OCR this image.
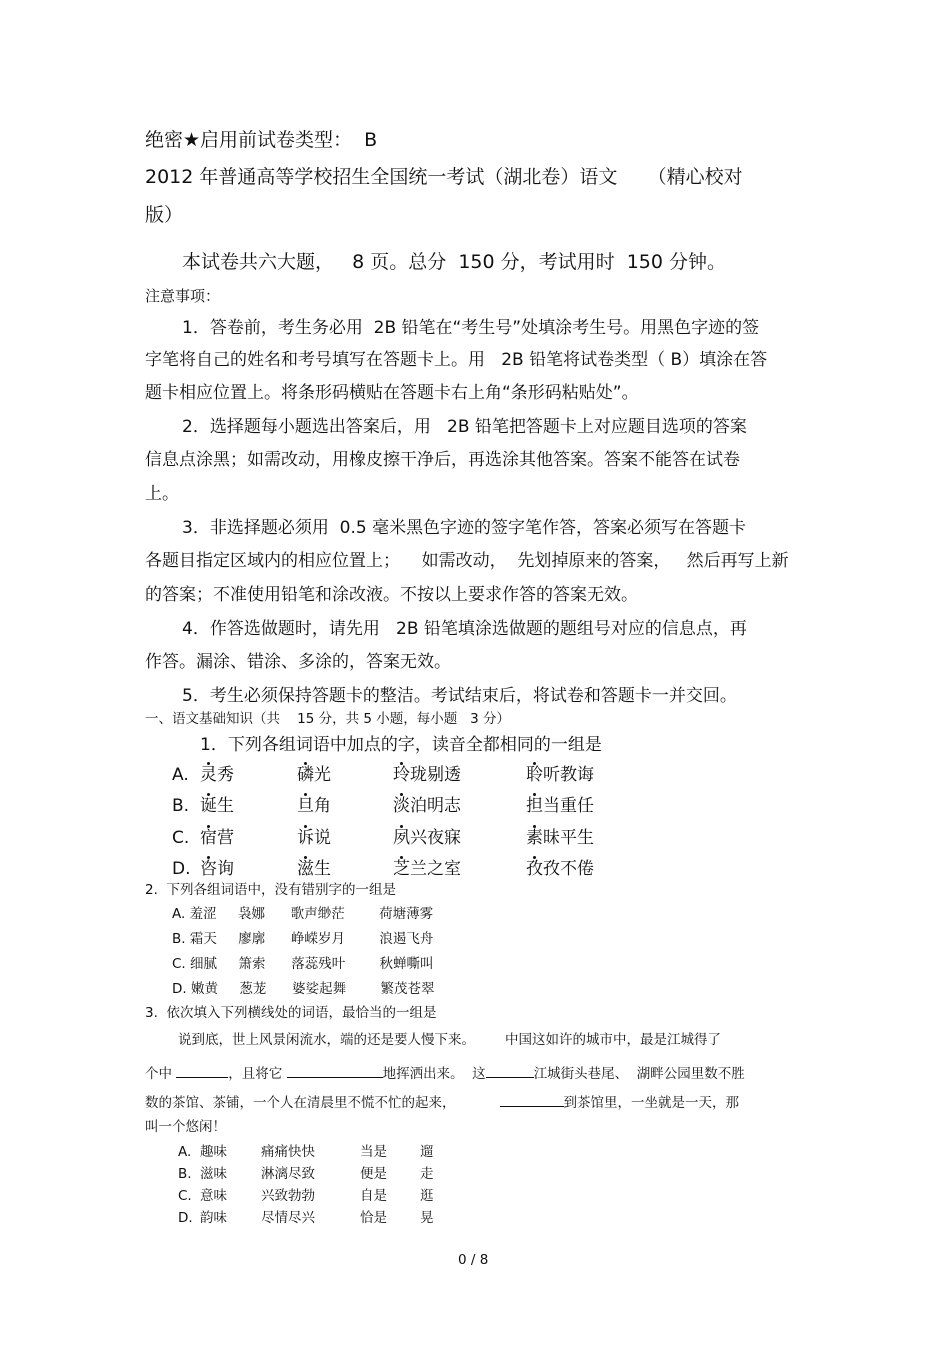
绝密★启用前试卷类型：  B
2012 年普通高等学校招生全国统一考试（湖北卷）语文     （精心校对
版）
本试卷共六大题，   8 页。总分  150 分，考试用时  150 分钟。
注意事项：
1．答卷前，考生务必用  2B 铅笔在“考生号”处填涂考生号。用黑色字迹的签
字笔将自己的姓名和考号填写在答题卡上。用   2B 铅笔将试卷类型（ B）填涂在答
题卡相应位置上。将条形码横贴在答题卡右上角“条形码粘贴处”。
2．选择题每小题选出答案后，用   2B 铅笔把答题卡上对应题目选项的答案
信息点涂黑；如需改动，用橡皮擦干净后，再选涂其他答案。答案不能答在试卷
上。
3．非选择题必须用  0.5 毫米黑色字迹的签字笔作答，答案必须写在答题卡
各题目指定区域内的相应位置上；    如需改动，  先划掉原来的答案，   然后再写上新
的答案；不准使用铅笔和涂改液。不按以上要求作答的答案无效。
4．作答选做题时，请先用   2B 铅笔填涂选做题的题组号对应的信息点，再
作答。漏涂、错涂、多涂的，答案无效。
5．考生必须保持答题卡的整洁。考试结束后，将试卷和答题卡一并交回。
一、语文基础知识（共    15 分，共 5 小题，每小题   3 分）
1．下列各组词语中加点的字，读音全都相同的一组是
A. 灵秀	磷光	玲珑剔透	聆听教诲
B. 诞生	旦角	淡泊明志	担当重任
C. 宿营	诉说	夙兴夜寐	素昧平生
D. 咨询	滋生	芝兰之室	孜孜不倦
2.  下列各组词语中，没有错别字的一组是
A. 羞涩     袅娜      歌声缈茫        荷塘薄雾
B. 霜天     廖廓      峥嵘岁月        浪遏飞舟
C. 细腻     箫索      落蕊残叶        秋蝉嘶叫
D. 嫩黄     葱茏      婆娑起舞        繁茂苍翠
3.  依次填入下列横线处的词语，最恰当的一组是
说到底，世上风景闲流水，端的还是要人慢下来。       中国这如许的城市中，最是江城得了
个中	，且将它	地挥洒出来。  这	江城街头巷尾、  湖畔公园里数不胜
数的茶馆、茶铺，一个人在清晨里不慌不忙的起来，	到茶馆里，一坐就是一天，那
叫一个悠闲！
A. 趣味	痛痛快快	当是 遛
B. 滋味	淋漓尽致	便是 走
C. 意味	兴致勃勃	自是 逛
D. 韵味	尽情尽兴	恰是 晃
0 / 8
